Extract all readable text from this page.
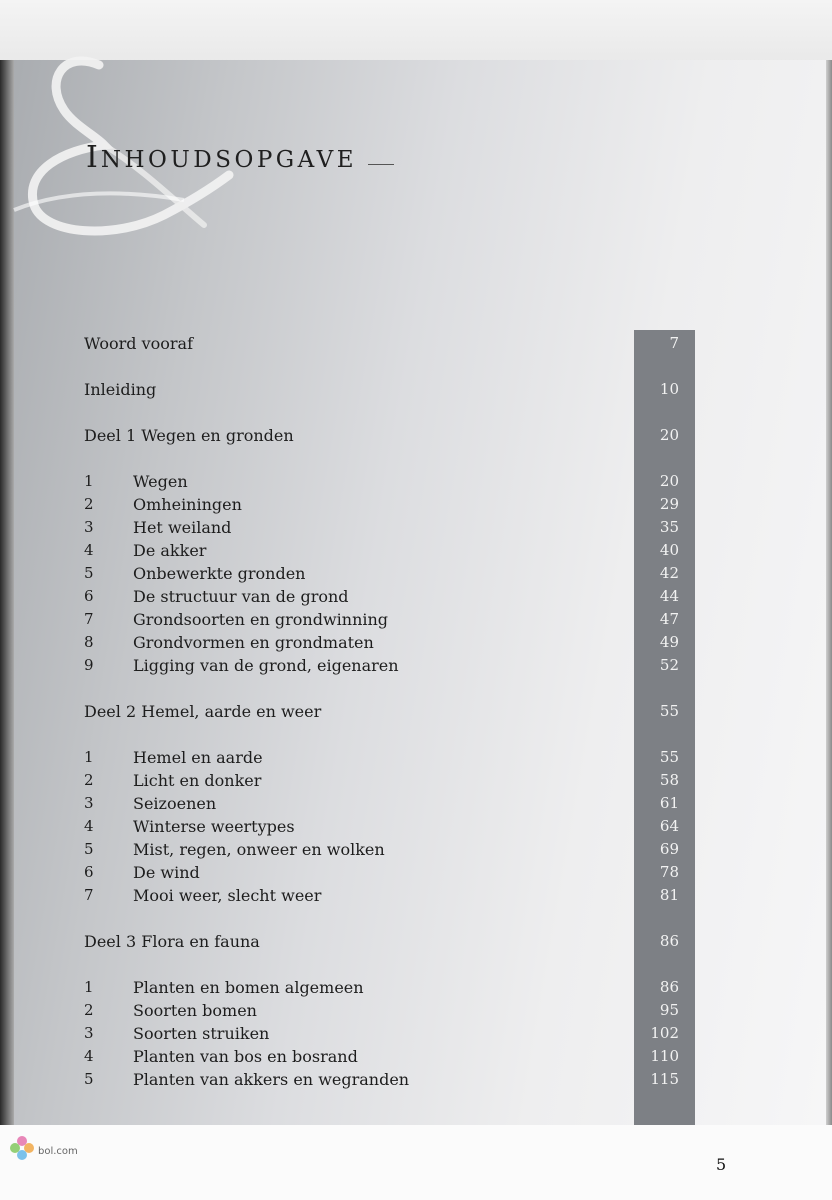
INHOUDSOPGAVE
Woord vooraf	7
Inleiding	10
Deel 1 Wegen en gronden	20
1 Wegen	20
2 Omheiningen	29
3 Het weiland	35
4 De akker	40
5 Onbewerkte gronden	42
6 De structuur van de grond	44
7 Grondsoorten en grondwinning	47
8 Grondvormen en grondmaten	49
9 Ligging van de grond, eigenaren	52
Deel 2 Hemel, aarde en weer	55
1 Hemel en aarde	55
2 Licht en donker	58
3 Seizoenen	61
4 Winterse weertypes	64
5 Mist, regen, onweer en wolken	69
6 De wind	78
7 Mooi weer, slecht weer	81
Deel 3 Flora en fauna	86
1 Planten en bomen algemeen	86
2 Soorten bomen	95
3 Soorten struiken	102
4 Planten van bos en bosrand	110
5 Planten van akkers en wegranden	115
5
bol.com
